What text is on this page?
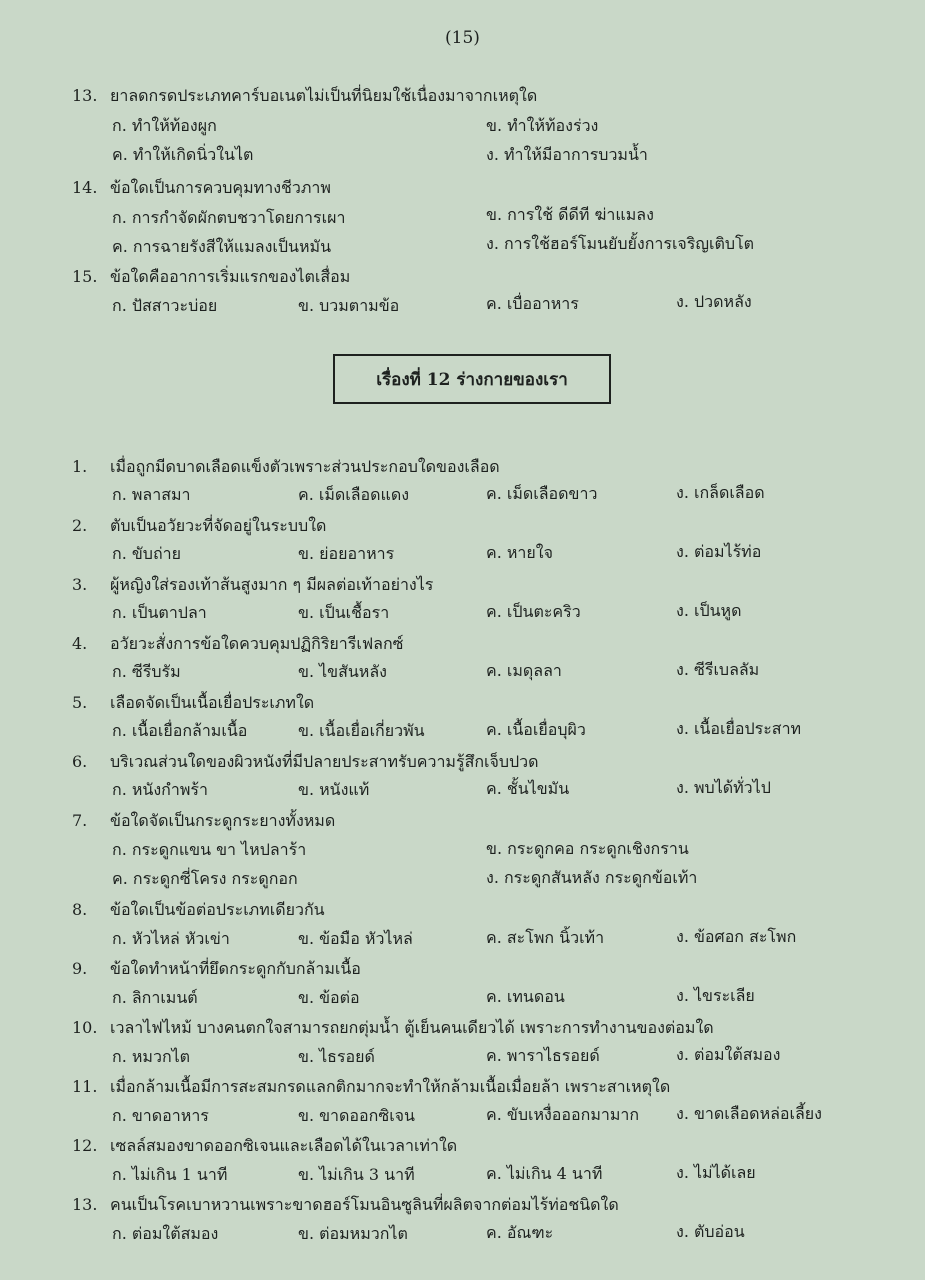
(15)
13. ยาลดกรดประเภทคาร์บอเนตไม่เป็นที่นิยมใช้เนื่องมาจากเหตุใด
ก. ทำให้ท้องผูก	ข. ทำให้ท้องร่วง
ค. ทำให้เกิดนิ่วในไต	ง. ทำให้มีอาการบวมน้ำ
14. ข้อใดเป็นการควบคุมทางชีวภาพ
ก. การกำจัดผักตบชวาโดยการเผา	ข. การใช้ ดีดีที ฆ่าแมลง
ค. การฉายรังสีให้แมลงเป็นหมัน	ง. การใช้ฮอร์โมนยับยั้งการเจริญเติบโต
15. ข้อใดคืออาการเริ่มแรกของไตเสื่อม
ก. ปัสสาวะบ่อย	ข. บวมตามข้อ	ค. เบื่ออาหาร	ง. ปวดหลัง
เรื่องที่ 12 ร่างกายของเรา
1. เมื่อถูกมีดบาดเลือดแข็งตัวเพราะส่วนประกอบใดของเลือด
ก. พลาสมา	ค. เม็ดเลือดแดง	ค. เม็ดเลือดขาว	ง. เกล็ดเลือด
2. ตับเป็นอวัยวะที่จัดอยู่ในระบบใด
ก. ขับถ่าย	ข. ย่อยอาหาร	ค. หายใจ	ง. ต่อมไร้ท่อ
3. ผู้หญิงใส่รองเท้าส้นสูงมาก ๆ มีผลต่อเท้าอย่างไร
ก. เป็นตาปลา	ข. เป็นเชื้อรา	ค. เป็นตะคริว	ง. เป็นหูด
4. อวัยวะสั่งการข้อใดควบคุมปฏิกิริยารีเฟลกซ์
ก. ซีรีบรัม	ข. ไขสันหลัง	ค. เมดุลลา	ง. ซีรีเบลลัม
5. เลือดจัดเป็นเนื้อเยื่อประเภทใด
ก. เนื้อเยื่อกล้ามเนื้อ	ข. เนื้อเยื่อเกี่ยวพัน	ค. เนื้อเยื่อบุผิว	ง. เนื้อเยื่อประสาท
6. บริเวณส่วนใดของผิวหนังที่มีปลายประสาทรับความรู้สึกเจ็บปวด
ก. หนังกำพร้า	ข. หนังแท้	ค. ชั้นไขมัน	ง. พบได้ทั่วไป
7. ข้อใดจัดเป็นกระดูกระยางทั้งหมด
ก. กระดูกแขน ขา ไหปลาร้า	ข. กระดูกคอ กระดูกเชิงกราน
ค. กระดูกซี่โครง กระดูกอก	ง. กระดูกสันหลัง กระดูกข้อเท้า
8. ข้อใดเป็นข้อต่อประเภทเดียวกัน
ก. หัวไหล่ หัวเข่า	ข. ข้อมือ หัวไหล่	ค. สะโพก นิ้วเท้า	ง. ข้อศอก สะโพก
9. ข้อใดทำหน้าที่ยึดกระดูกกับกล้ามเนื้อ
ก. ลิกาเมนต์	ข. ข้อต่อ	ค. เทนดอน	ง. ไขระเลีย
10. เวลาไฟไหม้ บางคนตกใจสามารถยกตุ่มน้ำ ตู้เย็นคนเดียวได้ เพราะการทำงานของต่อมใด
ก. หมวกไต	ข. ไธรอยด์	ค. พาราไธรอยด์	ง. ต่อมใต้สมอง
11. เมื่อกล้ามเนื้อมีการสะสมกรดแลกติกมากจะทำให้กล้ามเนื้อเมื่อยล้า เพราะสาเหตุใด
ก. ขาดอาหาร	ข. ขาดออกซิเจน	ค. ขับเหงื่อออกมามาก ง. ขาดเลือดหล่อเลี้ยง
12. เซลล์สมองขาดออกซิเจนและเลือดได้ในเวลาเท่าใด
ก. ไม่เกิน 1 นาที	ข. ไม่เกิน 3 นาที	ค. ไม่เกิน 4 นาที	ง. ไม่ได้เลย
13. คนเป็นโรคเบาหวานเพราะขาดฮอร์โมนอินซูลินที่ผลิตจากต่อมไร้ท่อชนิดใด
ก. ต่อมใต้สมอง	ข. ต่อมหมวกไต	ค. อัณฑะ	ง. ตับอ่อน
